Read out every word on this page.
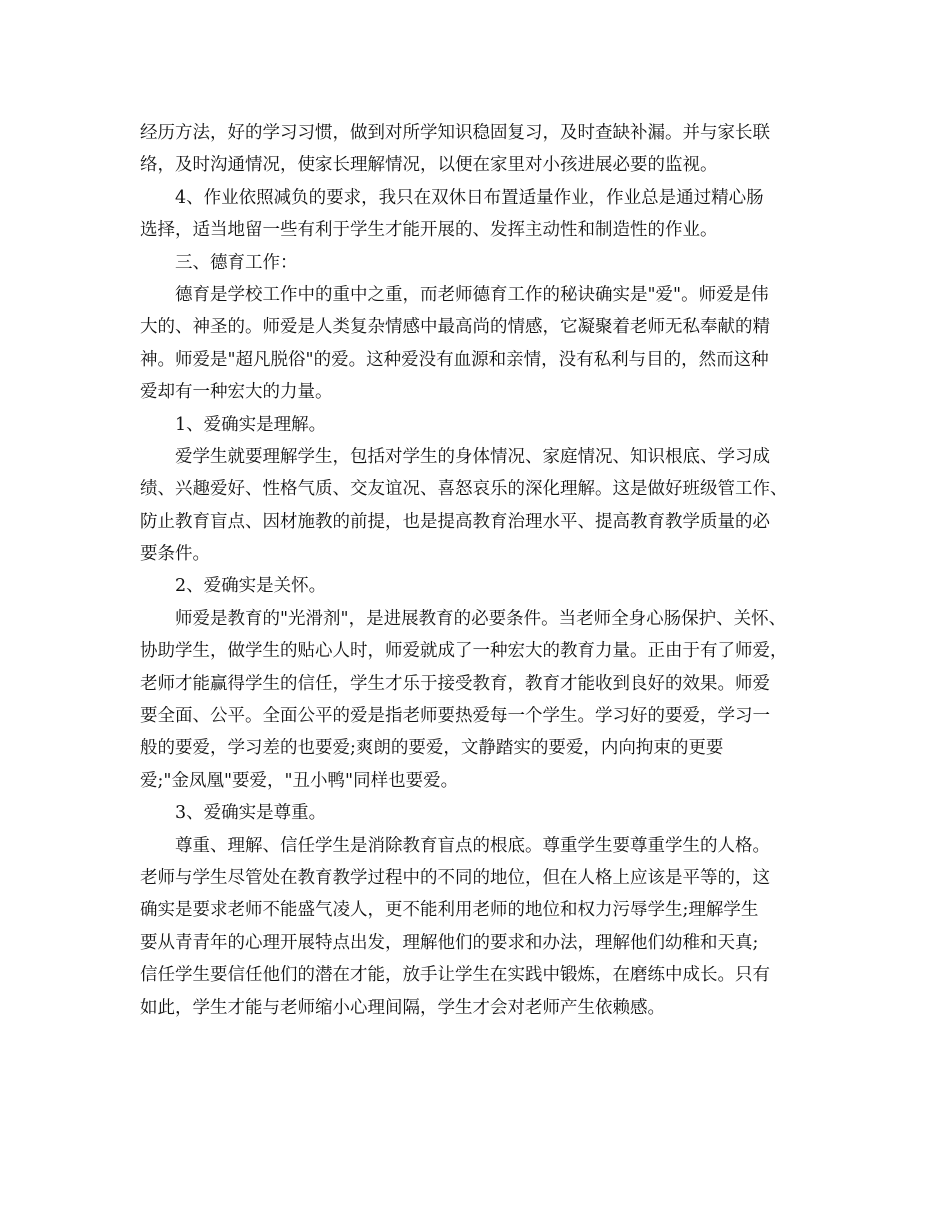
经历方法，好的学习习惯，做到对所学知识稳固复习，及时查缺补漏。并与家长联
络，及时沟通情况，使家长理解情况，以便在家里对小孩进展必要的监视。
4、作业依照减负的要求，我只在双休日布置适量作业，作业总是通过精心肠
选择，适当地留一些有利于学生才能开展的、发挥主动性和制造性的作业。
三、德育工作：
德育是学校工作中的重中之重，而老师德育工作的秘诀确实是"爱"。师爱是伟
大的、神圣的。师爱是人类复杂情感中最高尚的情感，它凝聚着老师无私奉献的精
神。师爱是"超凡脱俗"的爱。这种爱没有血源和亲情，没有私利与目的，然而这种
爱却有一种宏大的力量。
1、爱确实是理解。
爱学生就要理解学生，包括对学生的身体情况、家庭情况、知识根底、学习成
绩、兴趣爱好、性格气质、交友谊况、喜怒哀乐的深化理解。这是做好班级管工作、
防止教育盲点、因材施教的前提，也是提高教育治理水平、提高教育教学质量的必
要条件。
2、爱确实是关怀。
师爱是教育的"光滑剂"，是进展教育的必要条件。当老师全身心肠保护、关怀、
协助学生，做学生的贴心人时，师爱就成了一种宏大的教育力量。正由于有了师爱，
老师才能赢得学生的信任，学生才乐于接受教育，教育才能收到良好的效果。师爱
要全面、公平。全面公平的爱是指老师要热爱每一个学生。学习好的要爱，学习一
般的要爱，学习差的也要爱;爽朗的要爱，文静踏实的要爱，内向拘束的更要
爱;"金凤凰"要爱，"丑小鸭"同样也要爱。
3、爱确实是尊重。
尊重、理解、信任学生是消除教育盲点的根底。尊重学生要尊重学生的人格。
老师与学生尽管处在教育教学过程中的不同的地位，但在人格上应该是平等的，这
确实是要求老师不能盛气凌人，更不能利用老师的地位和权力污辱学生;理解学生
要从青青年的心理开展特点出发，理解他们的要求和办法，理解他们幼稚和天真;
信任学生要信任他们的潜在才能，放手让学生在实践中锻炼，在磨练中成长。只有
如此，学生才能与老师缩小心理间隔，学生才会对老师产生依赖感。
